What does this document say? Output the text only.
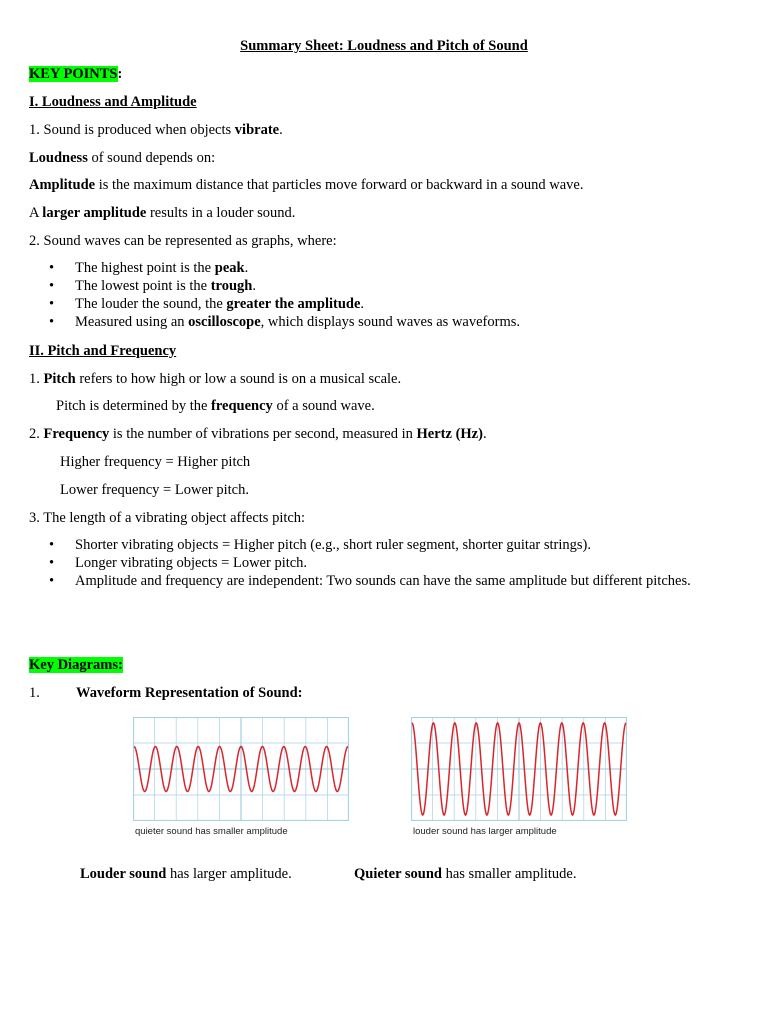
Summary Sheet: Loudness and Pitch of Sound
KEY POINTS:
I. Loudness and Amplitude
1. Sound is produced when objects vibrate.
Loudness of sound depends on:
Amplitude is the maximum distance that particles move forward or backward in a sound wave.
A larger amplitude results in a louder sound.
2. Sound waves can be represented as graphs, where:
• The highest point is the peak.
• The lowest point is the trough.
• The louder the sound, the greater the amplitude.
• Measured using an oscilloscope, which displays sound waves as waveforms.
II. Pitch and Frequency
1. Pitch refers to how high or low a sound is on a musical scale.
Pitch is determined by the frequency of a sound wave.
2. Frequency is the number of vibrations per second, measured in Hertz (Hz).
Higher frequency = Higher pitch
Lower frequency = Lower pitch.
3. The length of a vibrating object affects pitch:
• Shorter vibrating objects = Higher pitch (e.g., short ruler segment, shorter guitar strings).
• Longer vibrating objects = Lower pitch.
• Amplitude and frequency are independent: Two sounds can have the same amplitude but different pitches.
Key Diagrams:
1. Waveform Representation of Sound:
quieter sound has smaller amplitude	louder sound has larger amplitude
Louder sound has larger amplitude.	Quieter sound has smaller amplitude.
